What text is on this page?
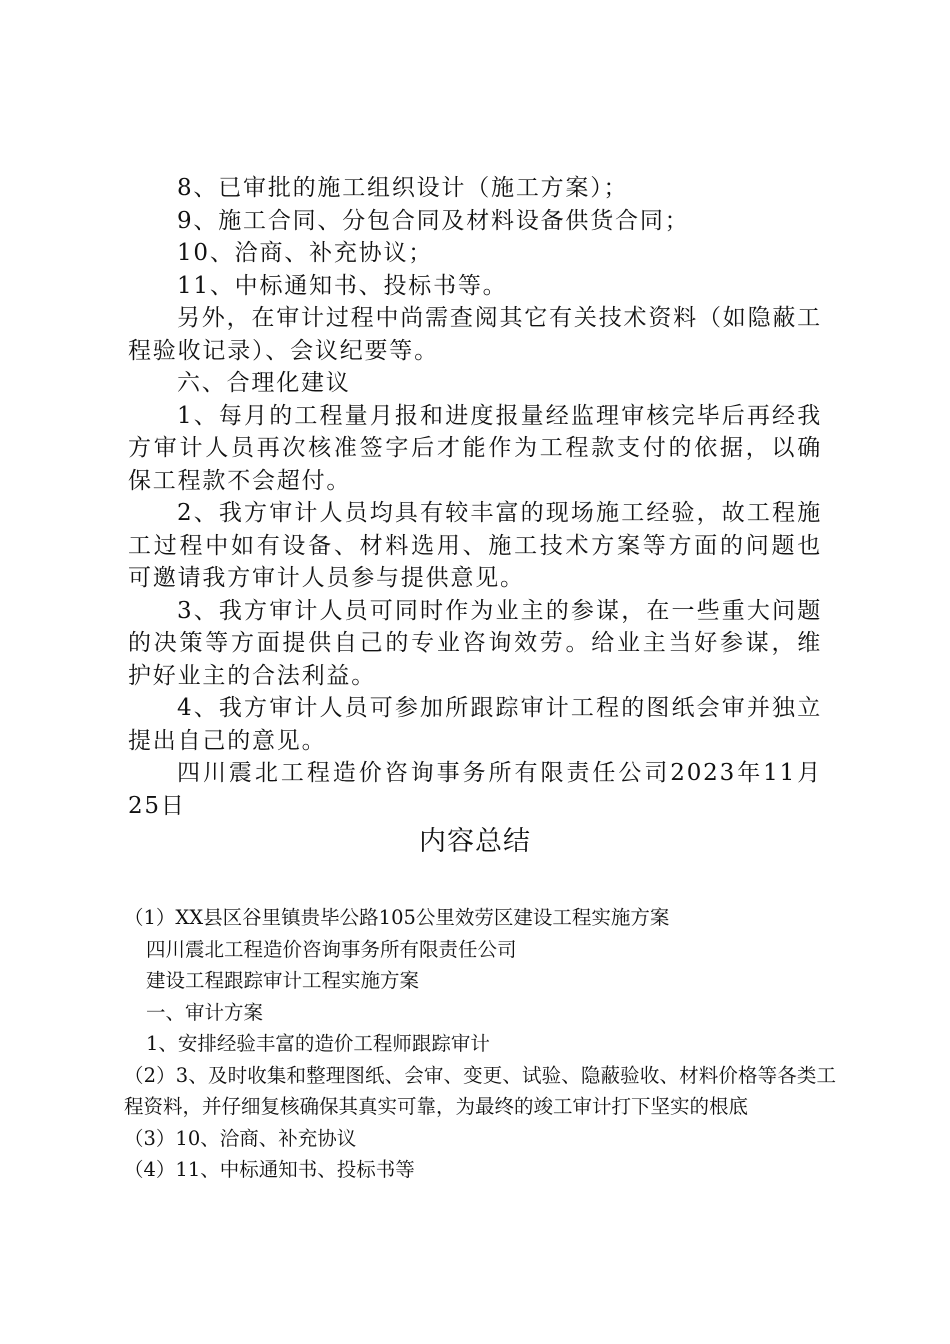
8、已审批的施工组织设计（施工方案）；

9、施工合同、分包合同及材料设备供货合同；

10、洽商、补充协议；

11、中标通知书、投标书等。

另外，在审计过程中尚需查阅其它有关技术资料（如隐蔽工程验收记录）、会议纪要等。

六、合理化建议

1、每月的工程量月报和进度报量经监理审核完毕后再经我方审计人员再次核准签字后才能作为工程款支付的依据，以确保工程款不会超付。

2、我方审计人员均具有较丰富的现场施工经验，故工程施工过程中如有设备、材料选用、施工技术方案等方面的问题也可邀请我方审计人员参与提供意见。

3、我方审计人员可同时作为业主的参谋，在一些重大问题的决策等方面提供自己的专业咨询效劳。给业主当好参谋，维护好业主的合法利益。

4、我方审计人员可参加所跟踪审计工程的图纸会审并独立提出自己的意见。

四川震北工程造价咨询事务所有限责任公司2023年11月25日

内容总结

（1）XX县区谷里镇贵毕公路105公里效劳区建设工程实施方案

四川震北工程造价咨询事务所有限责任公司

建设工程跟踪审计工程实施方案

一、审计方案

1、安排经验丰富的造价工程师跟踪审计

（2）3、及时收集和整理图纸、会审、变更、试验、隐蔽验收、材料价格等各类工程资料，并仔细复核确保其真实可靠，为最终的竣工审计打下坚实的根底

（3）10、洽商、补充协议

（4）11、中标通知书、投标书等
